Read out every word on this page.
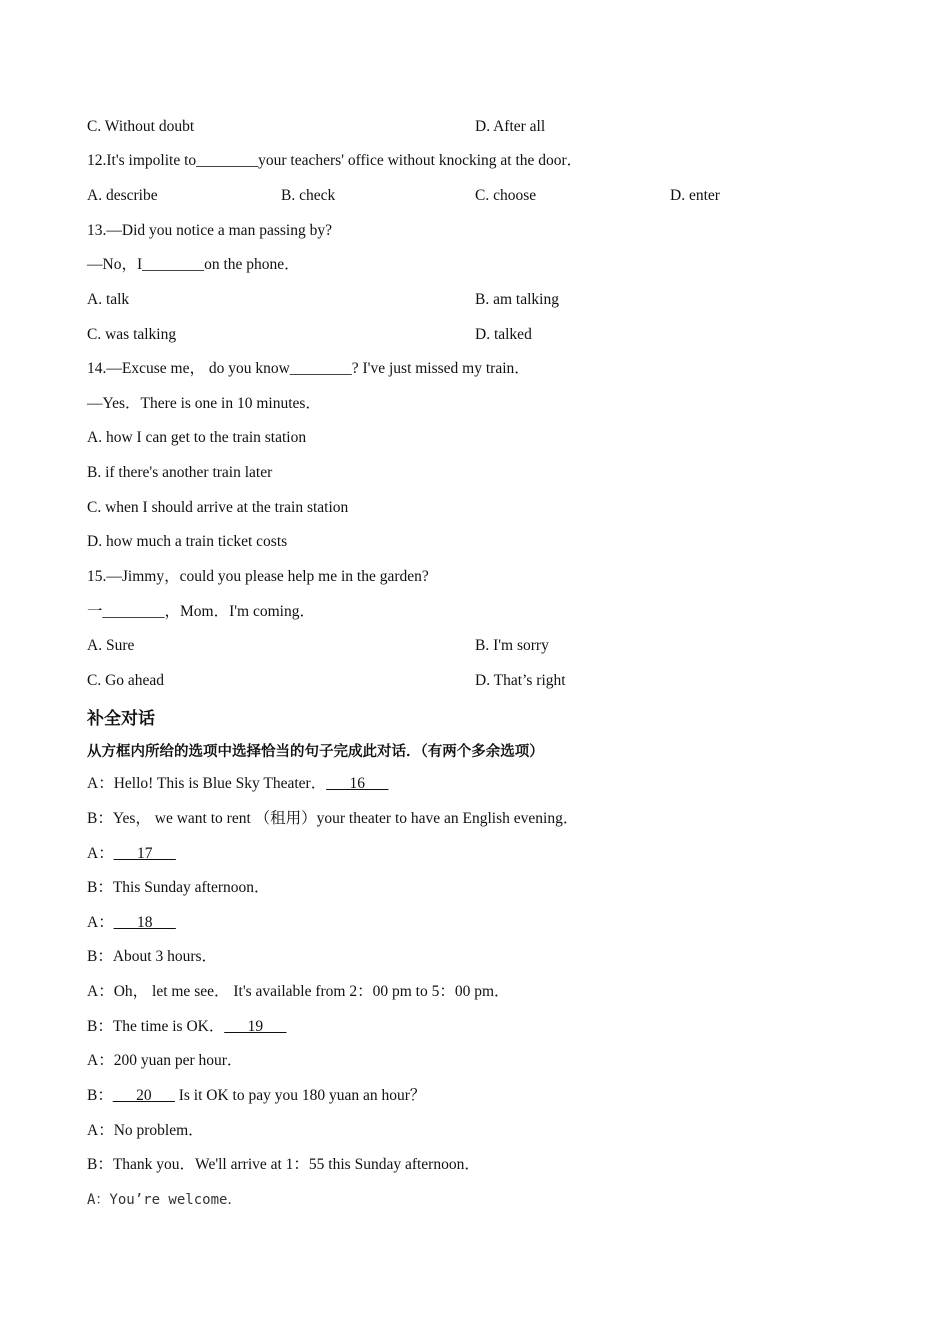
C. Without doubt	D. After all
12.It's impolite to________your teachers' office without knocking at the door．
A. describe	B. check	C. choose	D. enter
13.—Did you notice a man passing by?
—No，I________on the phone．
A. talk	B. am talking
C. was talking	D. talked
14.—Excuse me， do you know________? I've just missed my train．
—Yes．There is one in 10 minutes．
A. how I can get to the train station
B. if there's another train later
C. when I should arrive at the train station
D. how much a train ticket costs
15.—Jimmy，could you please help me in the garden?
一________，Mom．I'm coming．
A. Sure	B. I'm sorry
C. Go ahead	D. That’s right
补全对话
从方框内所给的选项中选择恰当的句子完成此对话．（有两个多余选项）
A：Hello! This is Blue Sky Theater．___16___
B：Yes， we want to rent （租用）your theater to have an English evening．
A：___17___
B：This Sunday afternoon．
A：___18___
B：About 3 hours．
A：Oh， let me see． It's available from 2：00 pm to 5：00 pm．
B：The time is OK．___19___
A：200 yuan per hour．
B：___20___ Is it OK to pay you 180 yuan an hour？
A：No problem．
B：Thank you．We'll arrive at 1：55 this Sunday afternoon．
A：You’re welcome．
